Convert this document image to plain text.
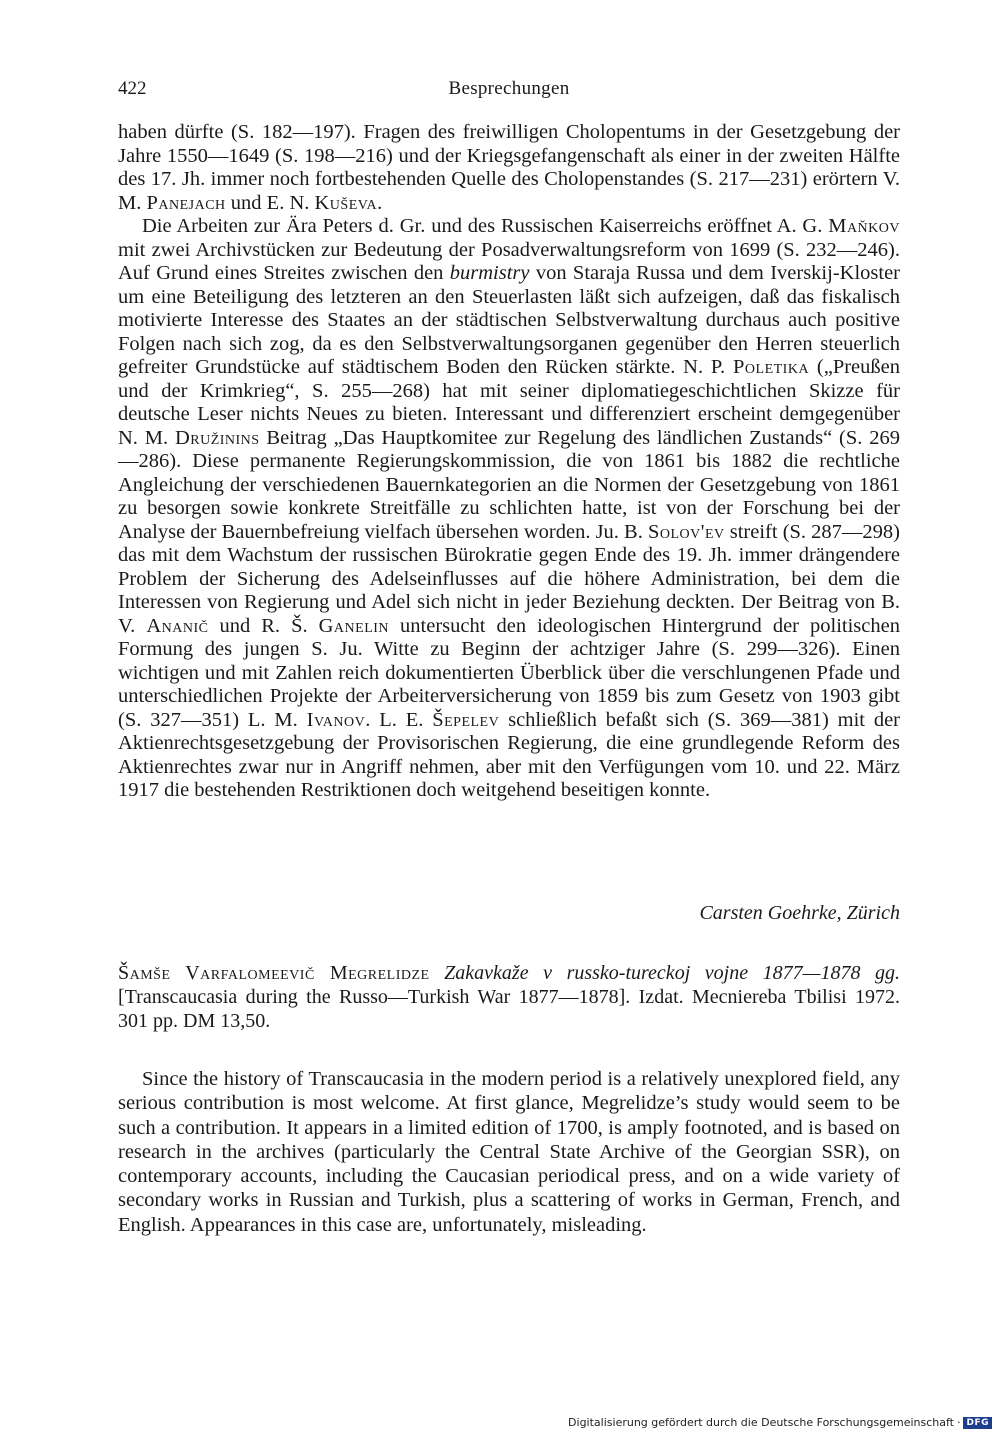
422	Besprechungen

haben dürfte (S. 182—197). Fragen des freiwilligen Cholopentums in der Gesetzgebung der Jahre 1550—1649 (S. 198—216) und der Kriegsgefangenschaft als einer in der zweiten Hälfte des 17. Jh. immer noch fortbestehenden Quelle des Cholopenstandes (S. 217—231) erörtern V. M. Panejach und E. N. Kuševa.

Die Arbeiten zur Ära Peters d. Gr. und des Russischen Kaiserreichs eröffnet A. G. Maňkov mit zwei Archivstücken zur Bedeutung der Posadverwaltungsreform von 1699 (S. 232—246). Auf Grund eines Streites zwischen den burmistry von Staraja Russa und dem Iverskij-Kloster um eine Beteiligung des letzteren an den Steuerlasten läßt sich aufzeigen, daß das fiskalisch motivierte Interesse des Staates an der städtischen Selbstverwaltung durchaus auch positive Folgen nach sich zog, da es den Selbstverwaltungsorganen gegenüber den Herren steuerlich gefreiter Grundstücke auf städtischem Boden den Rücken stärkte. N. P. Poletika („Preußen und der Krimkrieg“, S. 255—268) hat mit seiner diplomatiegeschichtlichen Skizze für deutsche Leser nichts Neues zu bieten. Interessant und differenziert erscheint demgegenüber N. M. Družinins Beitrag „Das Hauptkomitee zur Regelung des ländlichen Zustands“ (S. 269—286). Diese permanente Regierungskommission, die von 1861 bis 1882 die rechtliche Angleichung der verschiedenen Bauernkategorien an die Normen der Gesetzgebung von 1861 zu besorgen sowie konkrete Streitfälle zu schlichten hatte, ist von der Forschung bei der Analyse der Bauernbefreiung vielfach übersehen worden. Ju. B. Solov'ev streift (S. 287—298) das mit dem Wachstum der russischen Bürokratie gegen Ende des 19. Jh. immer drängendere Problem der Sicherung des Adelseinflusses auf die höhere Administration, bei dem die Interessen von Regierung und Adel sich nicht in jeder Beziehung deckten. Der Beitrag von B. V. Ananič und R. Š. Ganelin untersucht den ideologischen Hintergrund der politischen Formung des jungen S. Ju. Witte zu Beginn der achtziger Jahre (S. 299—326). Einen wichtigen und mit Zahlen reich dokumentierten Überblick über die verschlungenen Pfade und unterschiedlichen Projekte der Arbeiterversicherung von 1859 bis zum Gesetz von 1903 gibt (S. 327—351) L. M. Ivanov. L. E. Šepelev schließlich befaßt sich (S. 369—381) mit der Aktienrechtsgesetzgebung der Provisorischen Regierung, die eine grundlegende Reform des Aktienrechtes zwar nur in Angriff nehmen, aber mit den Verfügungen vom 10. und 22. März 1917 die bestehenden Restriktionen doch weitgehend beseitigen konnte.

Carsten Goehrke, Zürich
Šamše Varfalomeevič Megrelidze Zakavkaže v russko-tureckoj vojne 1877—1878 gg. [Transcaucasia during the Russo—Turkish War 1877—1878]. Izdat. Mecniereba Tbilisi 1972. 301 pp. DM 13,50.

Since the history of Transcaucasia in the modern period is a relatively unexplored field, any serious contribution is most welcome. At first glance, Megrelidze’s study would seem to be such a contribution. It appears in a limited edition of 1700, is amply footnoted, and is based on research in the archives (particularly the Central State Archive of the Georgian SSR), on contemporary accounts, including the Caucasian periodical press, and on a wide variety of secondary works in Russian and Turkish, plus a scattering of works in German, French, and English. Appearances in this case are, unfortunately, misleading.

Digitalisierung gefördert durch die Deutsche Forschungsgemeinschaft · DFG
